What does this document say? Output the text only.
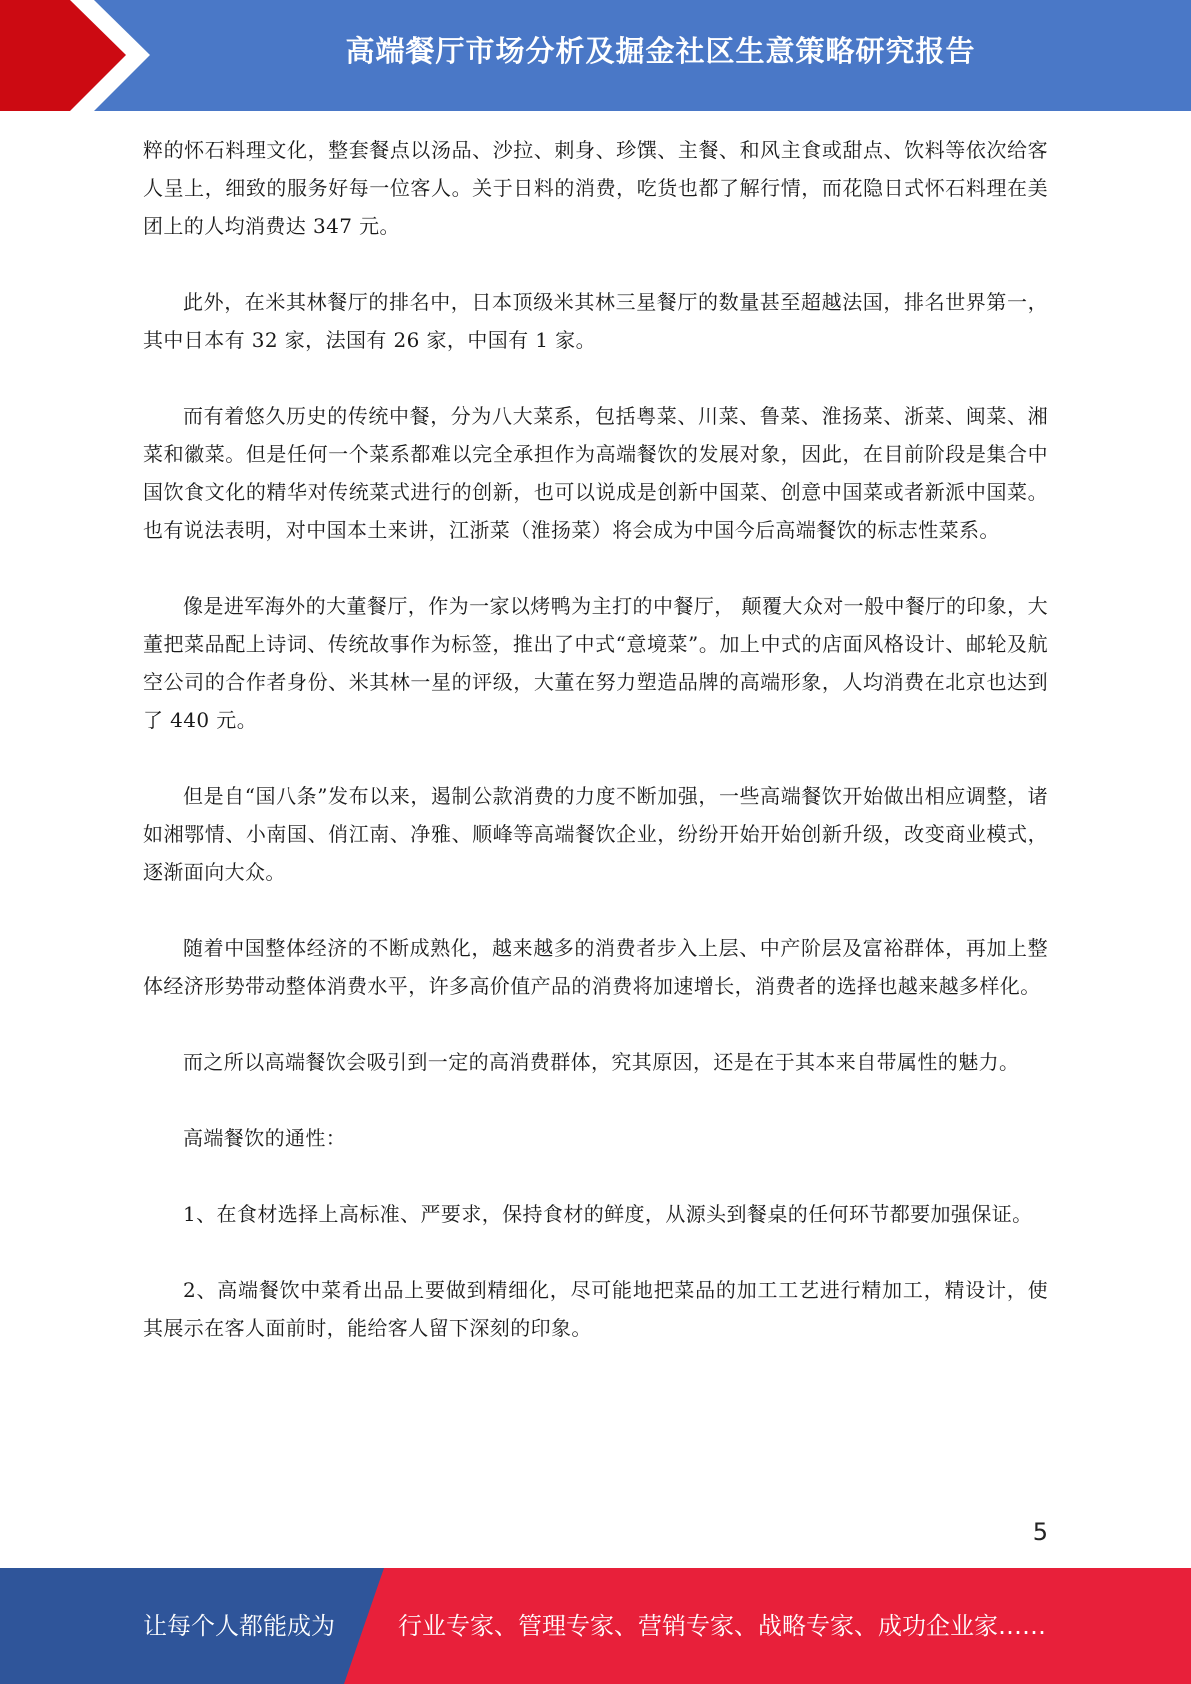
高端餐厅市场分析及掘金社区生意策略研究报告

粹的怀石料理文化，整套餐点以汤品、沙拉、刺身、珍馔、主餐、和风主食或甜点、饮料等依次给客人呈上，细致的服务好每一位客人。关于日料的消费，吃货也都了解行情，而花隐日式怀石料理在美团上的人均消费达 347 元。

此外，在米其林餐厅的排名中，日本顶级米其林三星餐厅的数量甚至超越法国，排名世界第一，其中日本有 32 家，法国有 26 家，中国有 1 家。

而有着悠久历史的传统中餐，分为八大菜系，包括粤菜、川菜、鲁菜、淮扬菜、浙菜、闽菜、湘菜和徽菜。但是任何一个菜系都难以完全承担作为高端餐饮的发展对象，因此，在目前阶段是集合中国饮食文化的精华对传统菜式进行的创新，也可以说成是创新中国菜、创意中国菜或者新派中国菜。也有说法表明，对中国本土来讲，江浙菜（淮扬菜）将会成为中国今后高端餐饮的标志性菜系。

像是进军海外的大董餐厅，作为一家以烤鸭为主打的中餐厅， 颠覆大众对一般中餐厅的印象，大董把菜品配上诗词、传统故事作为标签，推出了中式“意境菜”。加上中式的店面风格设计、邮轮及航空公司的合作者身份、米其林一星的评级，大董在努力塑造品牌的高端形象，人均消费在北京也达到了 440 元。

但是自“国八条”发布以来，遏制公款消费的力度不断加强，一些高端餐饮开始做出相应调整，诸如湘鄂情、小南国、俏江南、净雅、顺峰等高端餐饮企业，纷纷开始开始创新升级，改变商业模式，逐渐面向大众。

随着中国整体经济的不断成熟化，越来越多的消费者步入上层、中产阶层及富裕群体，再加上整体经济形势带动整体消费水平，许多高价值产品的消费将加速增长，消费者的选择也越来越多样化。

而之所以高端餐饮会吸引到一定的高消费群体，究其原因，还是在于其本来自带属性的魅力。

高端餐饮的通性：

1、在食材选择上高标准、严要求，保持食材的鲜度，从源头到餐桌的任何环节都要加强保证。

2、高端餐饮中菜肴出品上要做到精细化，尽可能地把菜品的加工工艺进行精加工，精设计，使其展示在客人面前时，能给客人留下深刻的印象。

5
让每个人都能成为	行业专家、管理专家、营销专家、战略专家、成功企业家……
